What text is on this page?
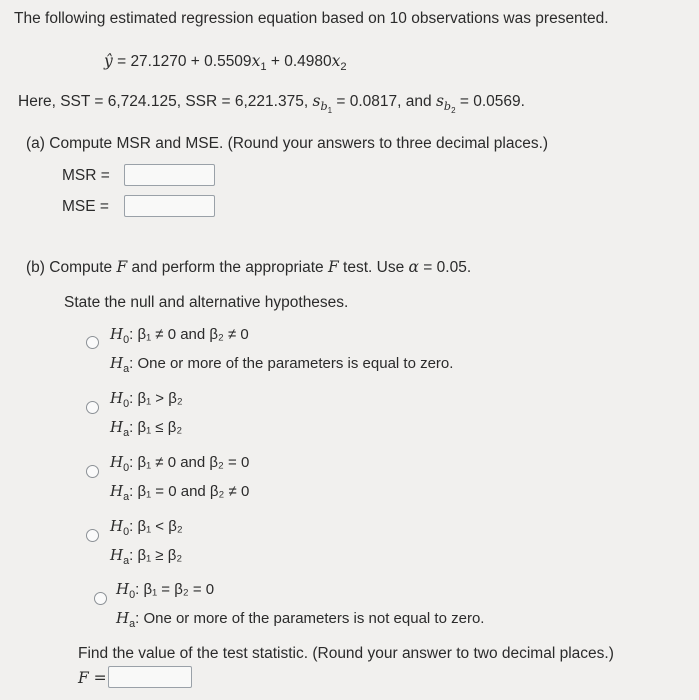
The following estimated regression equation based on 10 observations was presented.
ŷ = $27.1270 + 0.5509x_1 + 0.4980x_2$
Here, SST = 6,724.125, SSR = 6,221.375, $s_{b_1} = 0.0817$, and $s_{b_2} = 0.0569$.
(a) Compute MSR and MSE. (Round your answers to three decimal places.)
MSR =
MSE =
(b) Compute F and perform the appropriate F test. Use α = 0.05.
State the null and alternative hypotheses.
$H_0$: β₁ ≠ 0 and β₂ ≠ 0
$H_a$: One or more of the parameters is equal to zero.
$H_0$: β₁ > β₂
$H_a$: β₁ ≤ β₂
$H_0$: β₁ ≠ 0 and β₂ = 0
$H_a$: β₁ = 0 and β₂ ≠ 0
$H_0$: β₁ < β₂
$H_a$: β₁ ≥ β₂
$H_0$: β₁ = β₂ = 0
$H_a$: One or more of the parameters is not equal to zero.
Find the value of the test statistic. (Round your answer to two decimal places.)
F =
